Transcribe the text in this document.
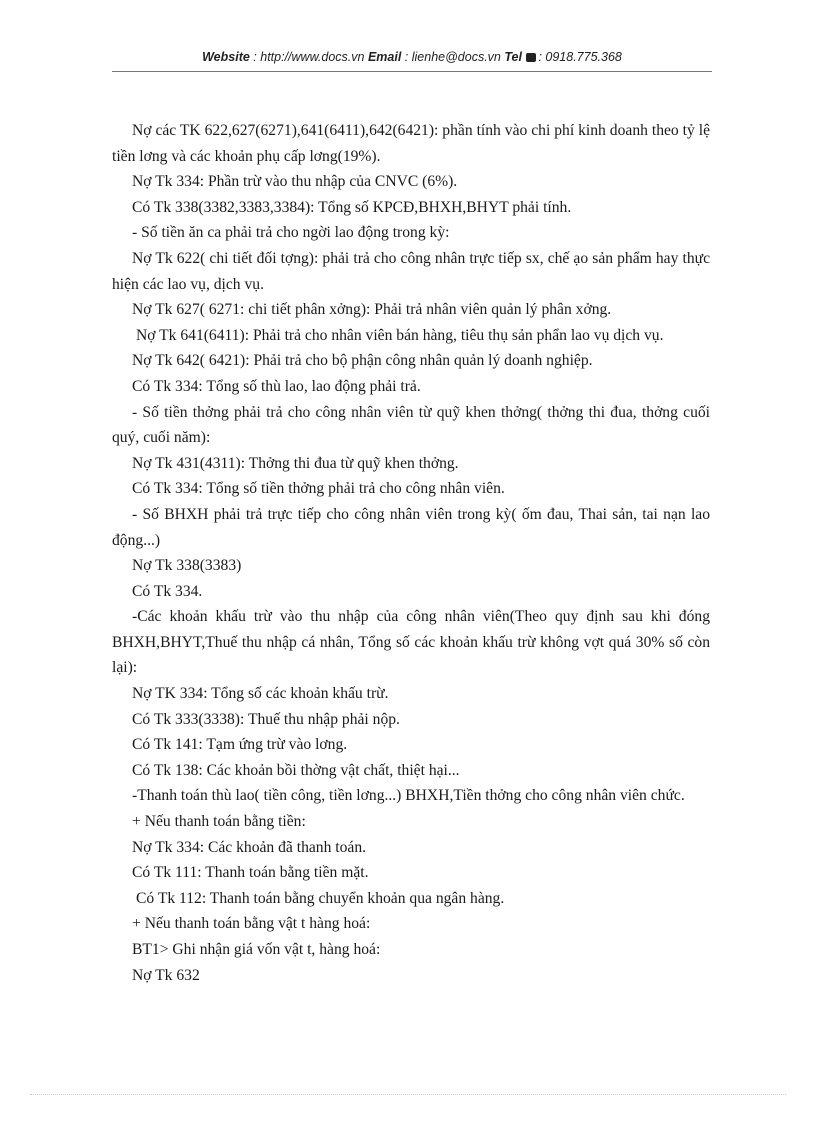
Website : http://www.docs.vn Email : lienhe@docs.vn Tel : 0918.775.368

Nợ các TK 622,627(6271),641(6411),642(6421): phần tính vào chi phí kinh doanh theo tỷ lệ tiền lơng và các khoản phụ cấp lơng(19%).

Nợ Tk 334: Phần trừ vào thu nhập của CNVC (6%).

Có Tk 338(3382,3383,3384): Tổng số KPCĐ,BHXH,BHYT phải tính.

- Số tiền ăn ca phải trả cho ngời lao động trong kỳ:

Nợ Tk 622( chi tiết đối tợng): phải trả cho công nhân trực tiếp sx, chế ạo sản phẩm hay thực hiện các lao vụ, dịch vụ.

Nợ Tk 627( 6271: chi tiết phân xởng): Phải trả nhân viên quản lý phân xởng.

Nợ Tk 641(6411): Phải trả cho nhân viên bán hàng, tiêu thụ sản phẩn lao vụ dịch vụ.

Nợ Tk 642( 6421): Phải trả cho bộ phận công nhân quản lý doanh nghiệp.

Có Tk 334: Tổng số thù lao, lao động phải trả.

- Số tiền thởng phải trả cho công nhân viên từ quỹ khen thởng( thởng thi đua, thởng cuối quý, cuối năm):

Nợ Tk 431(4311): Thởng thi đua từ quỹ khen thởng.

Có Tk 334: Tổng số tiền thởng phải trả cho công nhân viên.

- Số BHXH phải trả trực tiếp cho công nhân viên trong kỳ( ốm đau, Thai sản, tai nạn lao động...)

Nợ Tk 338(3383)

Có Tk 334.

-Các khoản khấu trừ vào thu nhập của công nhân viên(Theo quy định sau khi đóng BHXH,BHYT,Thuế thu nhập cá nhân, Tổng số các khoản khấu trừ không vợt quá 30% số còn lại):

Nợ TK 334: Tổng số các khoản khấu trừ.

Có Tk 333(3338): Thuế thu nhập phải nộp.

Có Tk 141: Tạm ứng trừ vào lơng.

Có Tk 138: Các khoản bồi thờng vật chất, thiệt hại...

-Thanh toán thù lao( tiền công, tiền lơng...) BHXH,Tiền thởng cho công nhân viên chức.

+ Nếu thanh toán bằng tiền:

Nợ Tk 334: Các khoản đã thanh toán.

Có Tk 111: Thanh toán bằng tiền mặt.

Có Tk 112: Thanh toán bằng chuyển khoản qua ngân hàng.

+ Nếu thanh toán bằng vật t hàng hoá:

BT1> Ghi nhận giá vốn vật t, hàng hoá:

Nợ Tk 632
